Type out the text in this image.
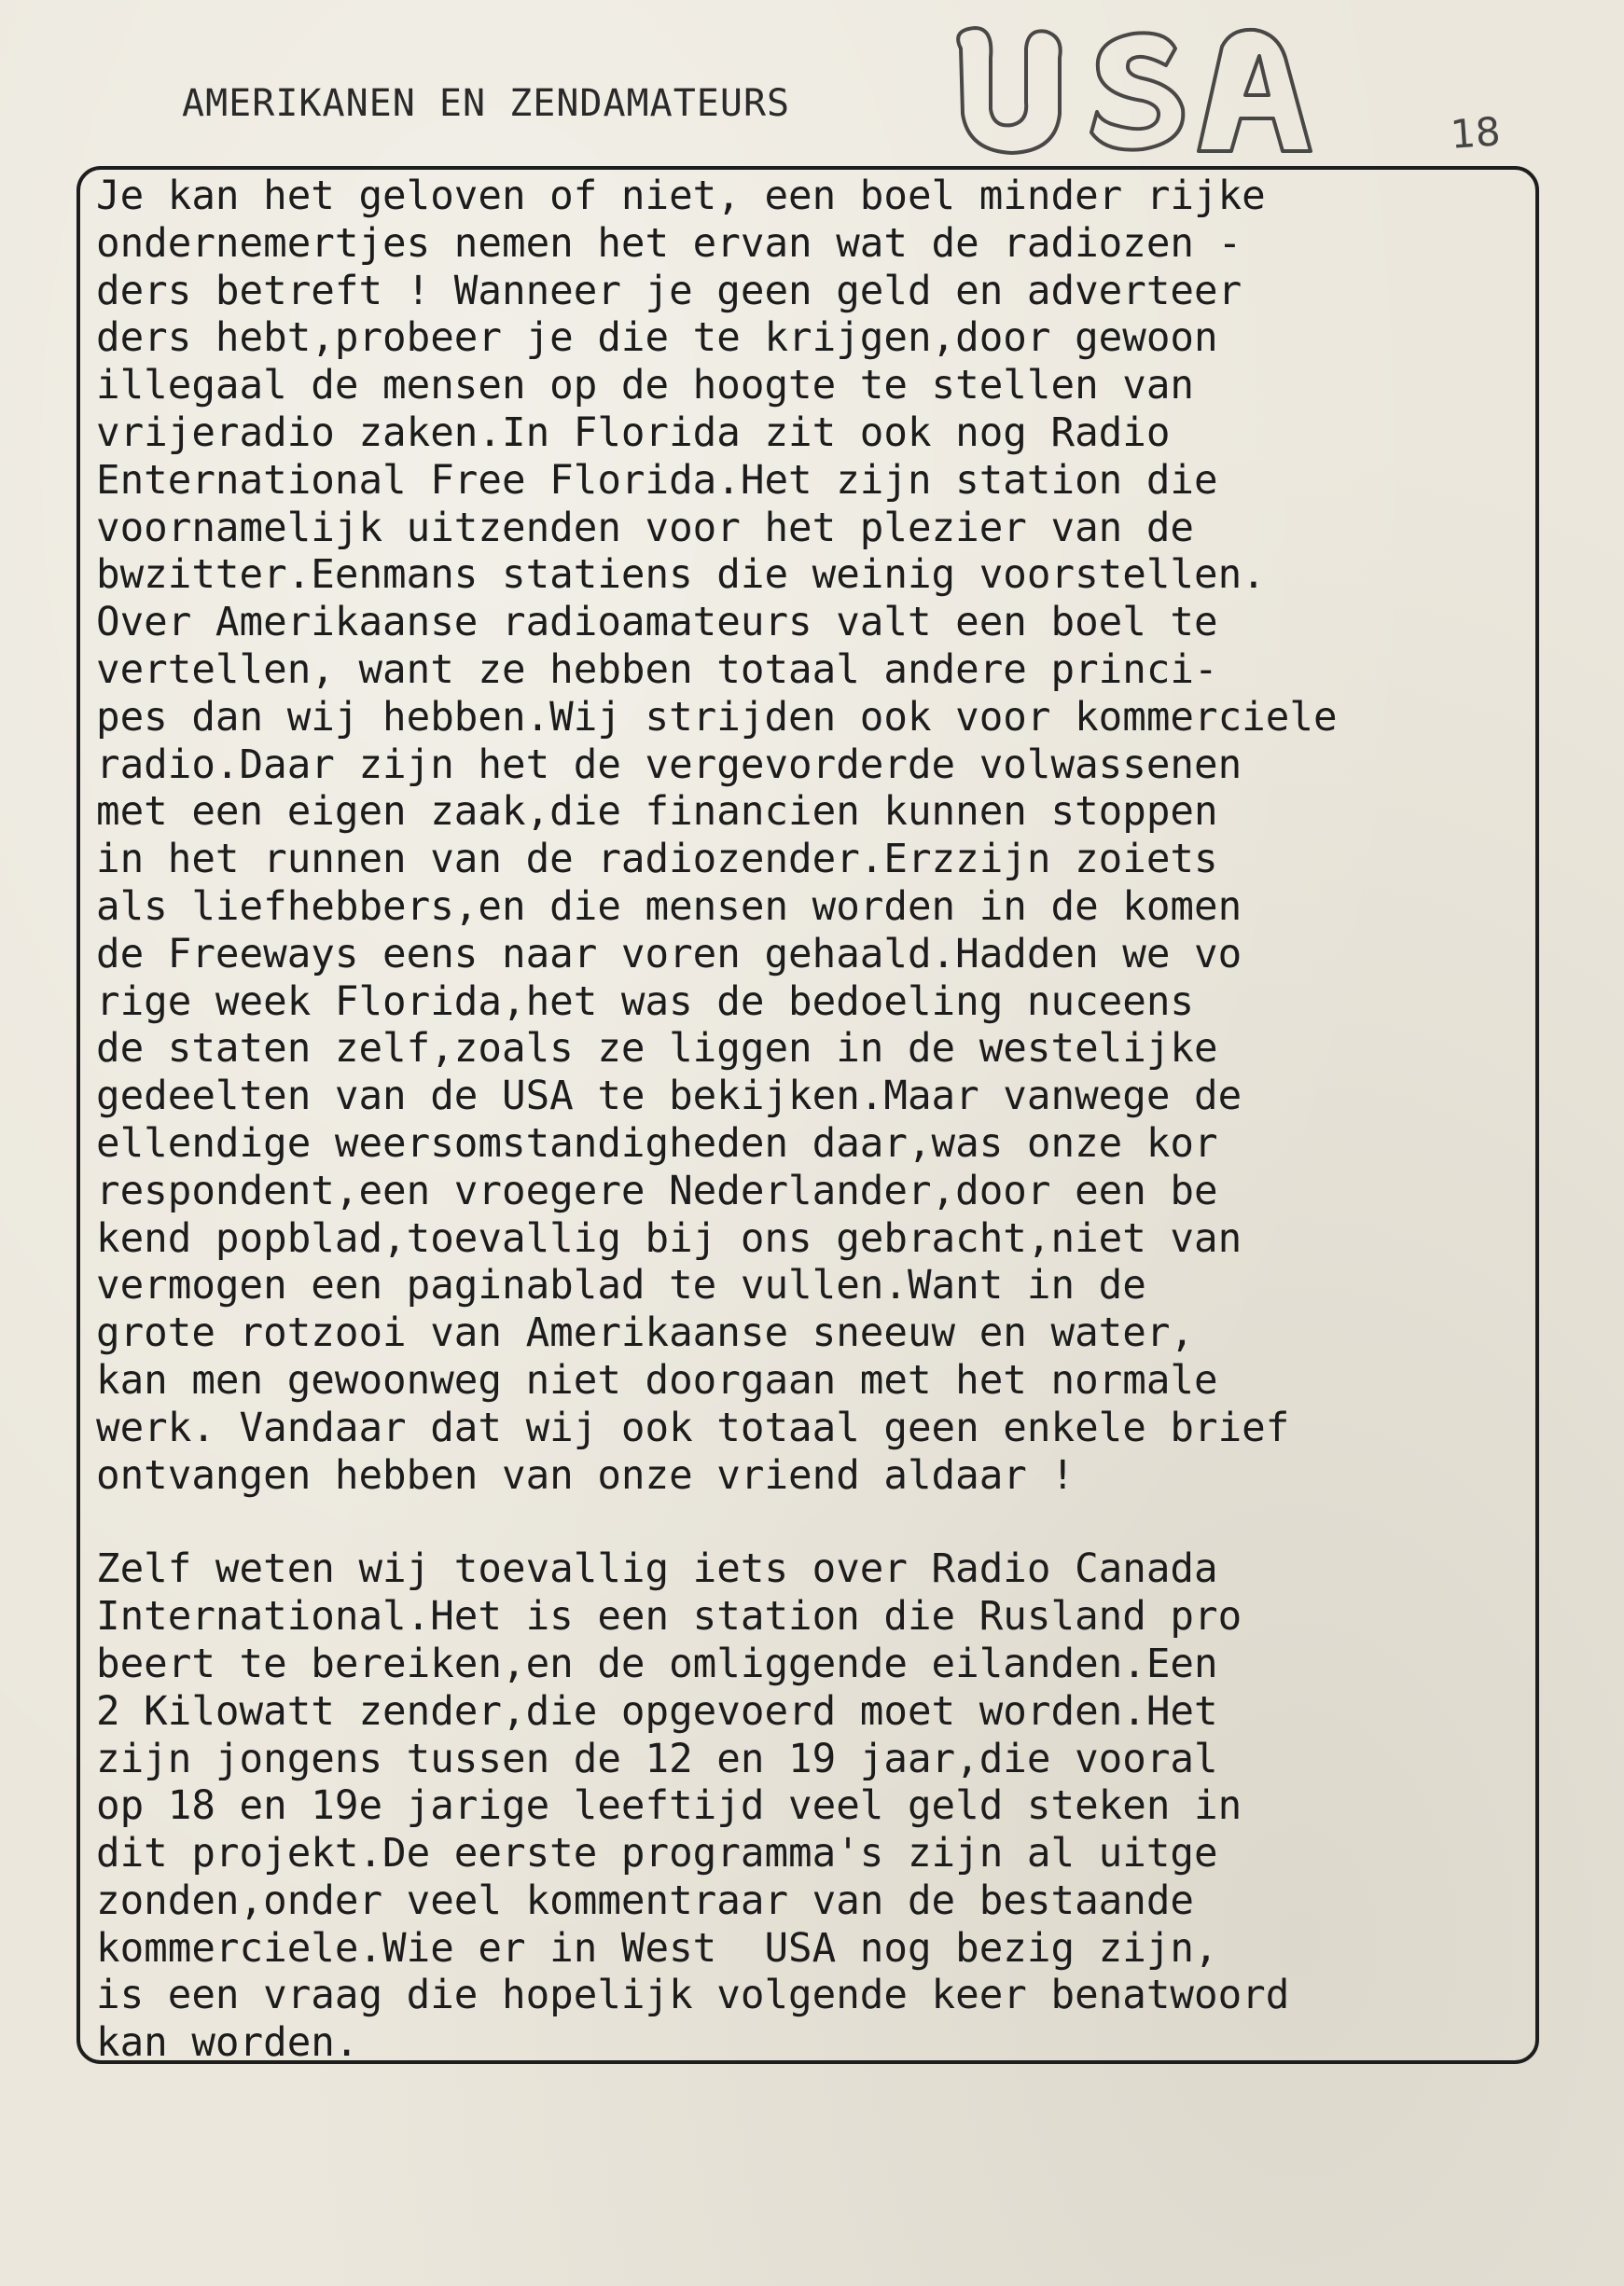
AMERIKANEN EN ZENDAMATEURS
18
Je kan het geloven of niet, een boel minder rijke
ondernemertjes nemen het ervan wat de radiozen -
ders betreft ! Wanneer je geen geld en adverteer
ders hebt,probeer je die te krijgen,door gewoon
illegaal de mensen op de hoogte te stellen van
vrijeradio zaken.In Florida zit ook nog Radio
Enternational Free Florida.Het zijn station die
voornamelijk uitzenden voor het plezier van de
bwzitter.Eenmans statiens die weinig voorstellen.
Over Amerikaanse radioamateurs valt een boel te
vertellen, want ze hebben totaal andere princi-
pes dan wij hebben.Wij strijden ook voor kommerciele
radio.Daar zijn het de vergevorderde volwassenen
met een eigen zaak,die financien kunnen stoppen
in het runnen van de radiozender.Erzzijn zoiets
als liefhebbers,en die mensen worden in de komen
de Freeways eens naar voren gehaald.Hadden we vo
rige week Florida,het was de bedoeling nuceens
de staten zelf,zoals ze liggen in de westelijke
gedeelten van de USA te bekijken.Maar vanwege de
ellendige weersomstandigheden daar,was onze kor
respondent,een vroegere Nederlander,door een be
kend popblad,toevallig bij ons gebracht,niet van
vermogen een paginablad te vullen.Want in de
grote rotzooi van Amerikaanse sneeuw en water,
kan men gewoonweg niet doorgaan met het normale
werk. Vandaar dat wij ook totaal geen enkele brief
ontvangen hebben van onze vriend aldaar !
Zelf weten wij toevallig iets over Radio Canada
International.Het is een station die Rusland pro
beert te bereiken,en de omliggende eilanden.Een
2 Kilowatt zender,die opgevoerd moet worden.Het
zijn jongens tussen de 12 en 19 jaar,die vooral
op 18 en 19e jarige leeftijd veel geld steken in
dit projekt.De eerste programma's zijn al uitge
zonden,onder veel kommentraar van de bestaande
kommerciele.Wie er in West  USA nog bezig zijn,
is een vraag die hopelijk volgende keer benatwoord
kan worden.
